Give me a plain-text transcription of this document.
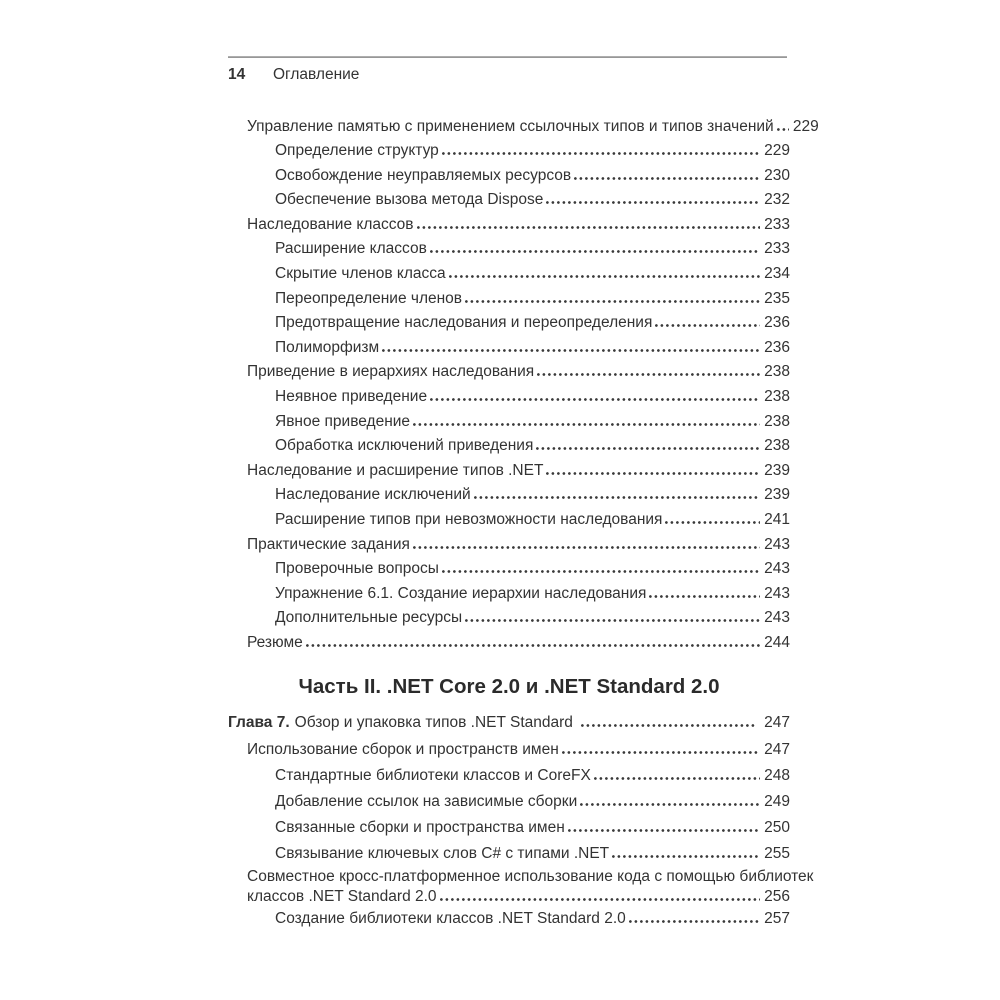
14	Оглавление
Управление памятью с применением ссылочных типов и типов значений 229
Определение структур	229
Освобождение неуправляемых ресурсов	230
Обеспечение вызова метода Dispose	232
Наследование классов	233
Расширение классов	233
Скрытие членов класса	234
Переопределение членов	235
Предотвращение наследования и переопределения	236
Полиморфизм	236
Приведение в иерархиях наследования	238
Неявное приведение	238
Явное приведение	238
Обработка исключений приведения	238
Наследование и расширение типов .NET	239
Наследование исключений	239
Расширение типов при невозможности наследования	241
Практические задания	243
Проверочные вопросы	243
Упражнение 6.1. Создание иерархии наследования	243
Дополнительные ресурсы	243
Резюме	244
Часть II. .NET Core 2.0 и .NET Standard 2.0
Глава 7. Обзор и упаковка типов .NET Standard	247
Использование сборок и пространств имен	247
Стандартные библиотеки классов и CoreFX	248
Добавление ссылок на зависимые сборки	249
Связанные сборки и пространства имен	250
Связывание ключевых слов C# с типами .NET	255
Совместное кросс-платформенное использование кода с помощью библиотек
классов .NET Standard 2.0	256
Создание библиотеки классов .NET Standard 2.0	257
